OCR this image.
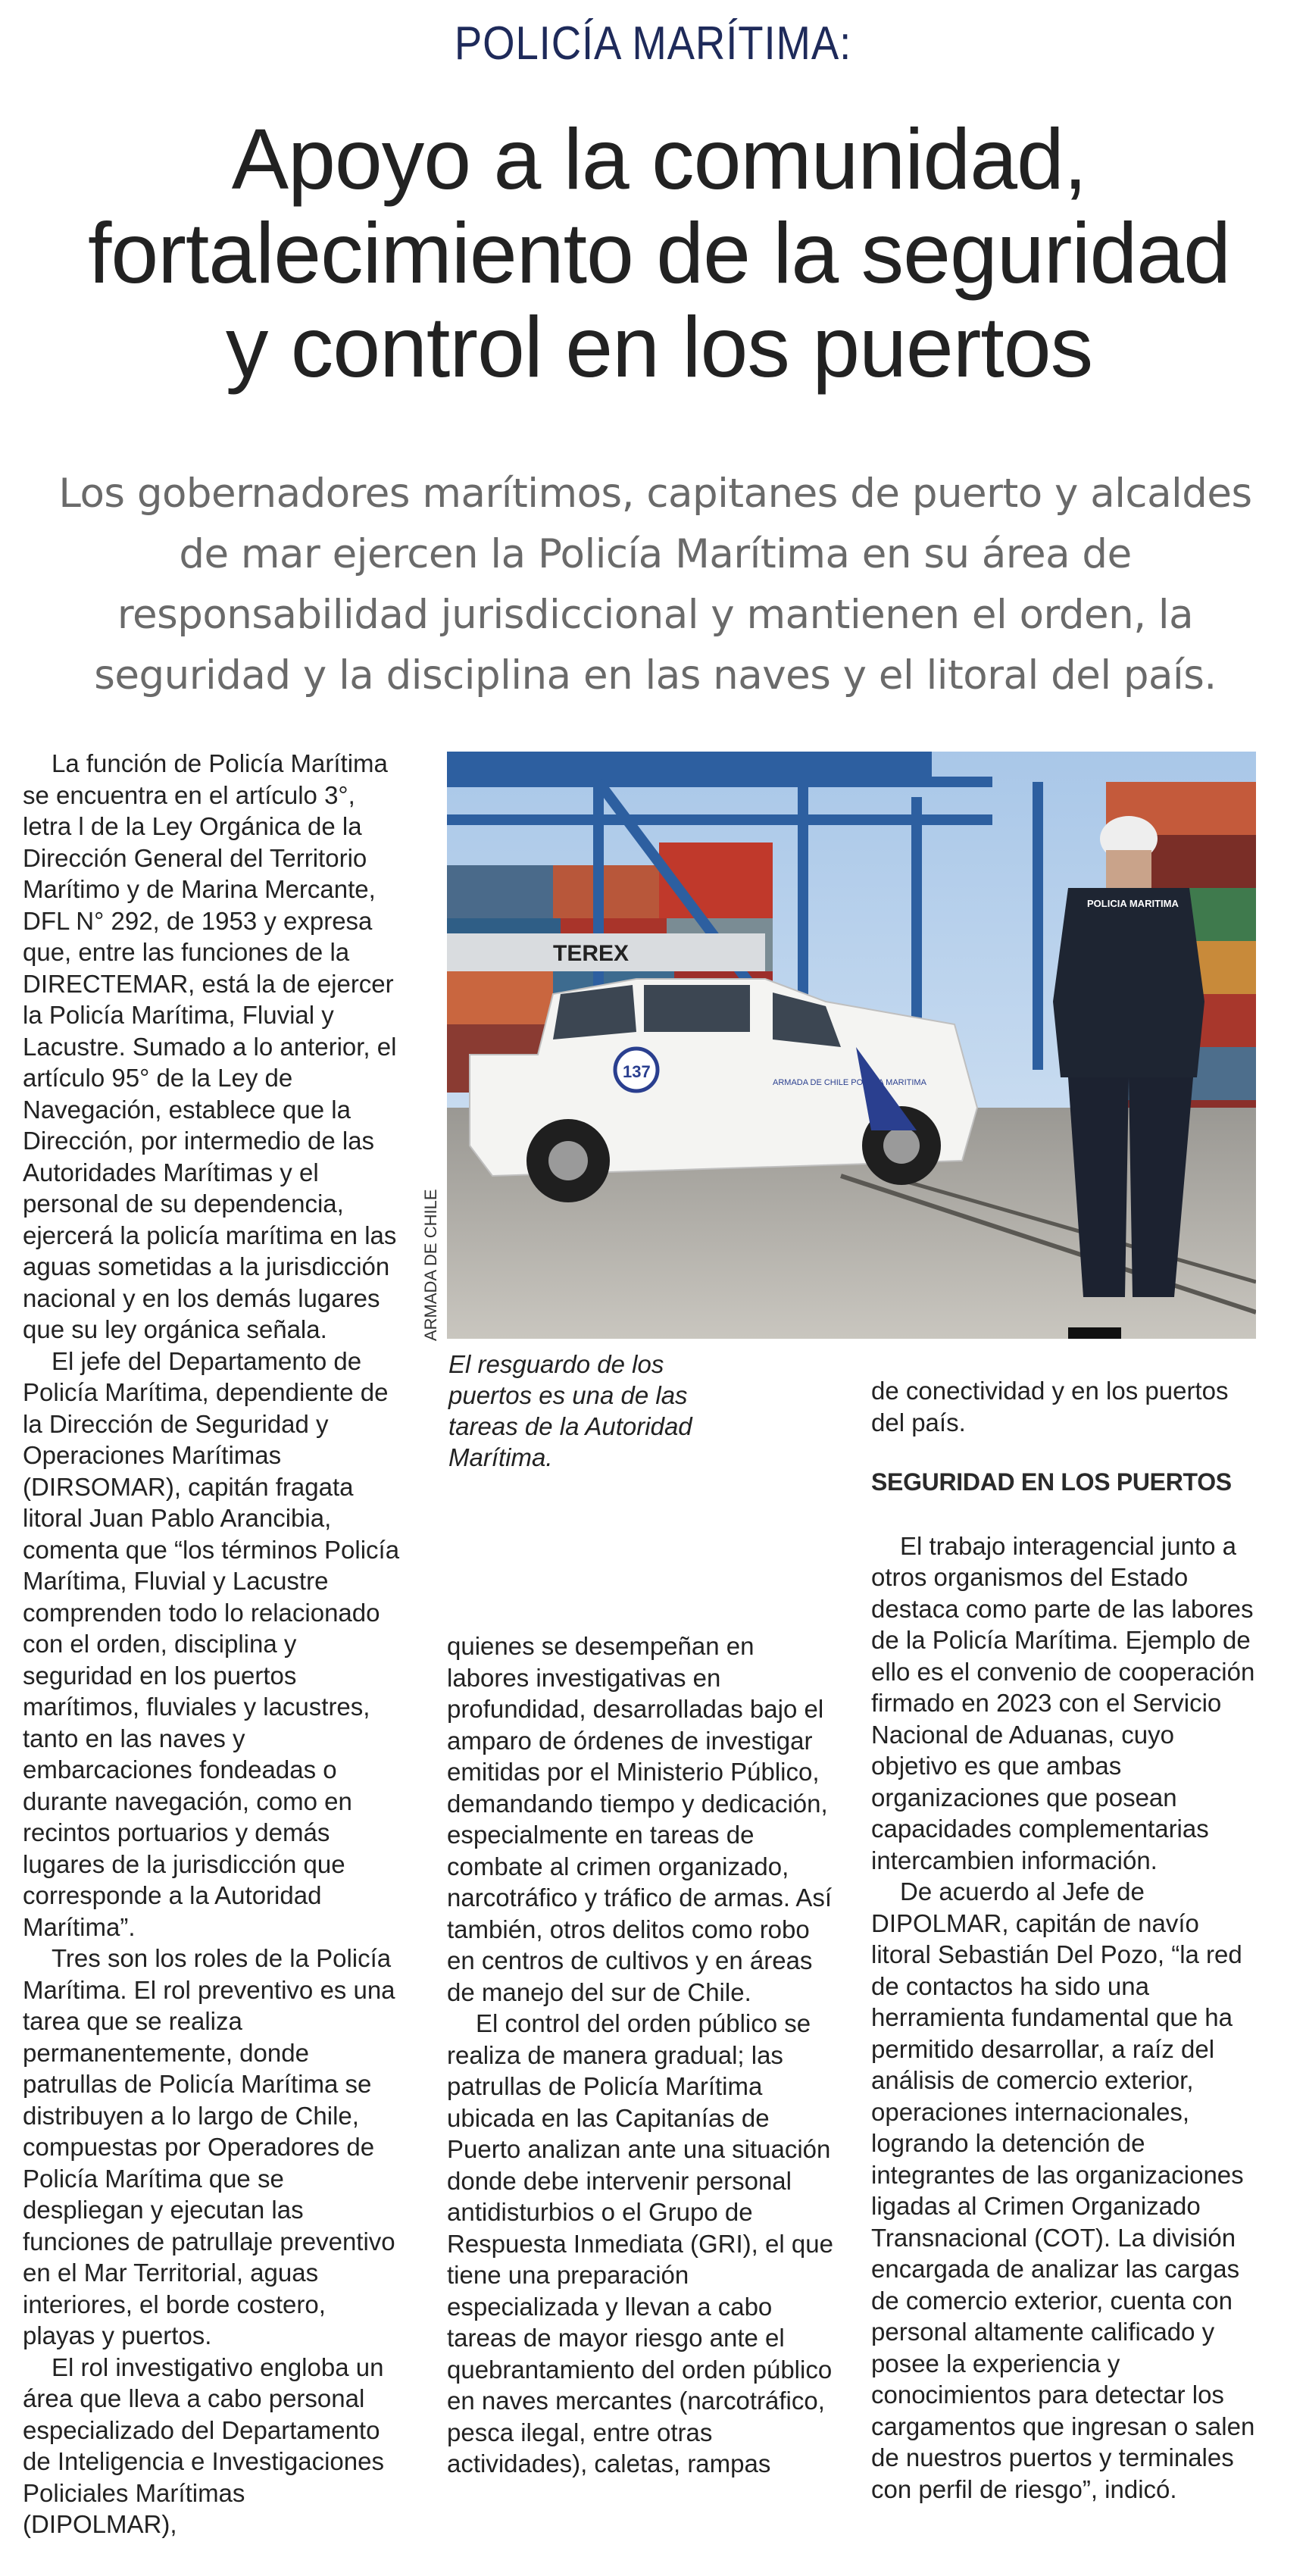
POLICÍA MARÍTIMA:
Apoyo a la comunidad,
fortalecimiento de la seguridad
y control en los puertos
Los gobernadores marítimos, capitanes de puerto y alcaldes de mar ejercen la Policía Marítima en su área de responsabilidad jurisdiccional y mantienen el orden, la seguridad y la disciplina en las naves y el litoral del país.

La función de Policía Marítima se encuentra en el artículo 3°, letra l de la Ley Orgánica de la Dirección General del Territorio Marítimo y de Marina Mercante, DFL N° 292, de 1953 y expresa que, entre las funciones de la DIRECTEMAR, está la de ejercer la Policía Marítima, Fluvial y Lacustre. Sumado a lo anterior, el artículo 95° de la Ley de Navegación, establece que la Dirección, por intermedio de las Autoridades Marítimas y el personal de su dependencia, ejercerá la policía marítima en las aguas sometidas a la jurisdicción nacional y en los demás lugares que su ley orgánica señala.

El jefe del Departamento de Policía Marítima, dependiente de la Dirección de Seguridad y Operaciones Marítimas (DIRSOMAR), capitán fragata litoral Juan Pablo Arancibia, comenta que “los términos Policía Marítima, Fluvial y Lacustre comprenden todo lo relacionado con el orden, disciplina y seguridad en los puertos marítimos, fluviales y lacustres, tanto en las naves y embarcaciones fondeadas o durante navegación, como en recintos portuarios y demás lugares de la jurisdicción que corresponde a la Autoridad Marítima”.

Tres son los roles de la Policía Marítima. El rol preventivo es una tarea que se realiza permanentemente, donde patrullas de Policía Marítima se distribuyen a lo largo de Chile, compuestas por Operadores de Policía Marítima que se despliegan y ejecutan las funciones de patrullaje preventivo en el Mar Territorial, aguas interiores, el borde costero, playas y puertos.

El rol investigativo engloba un área que lleva a cabo personal especializado del Departamento de Inteligencia e Investigaciones Policiales Marítimas (DIPOLMAR),

TEREX
137
ARMADA DE CHILE POLICIA MARITIMA
POLICIA MARITIMA
ARMADA DE CHILE
El resguardo de los puertos es una de las tareas de la Autoridad Marítima.

quienes se desempeñan en labores investigativas en profundidad, desarrolladas bajo el amparo de órdenes de investigar emitidas por el Ministerio Público, demandando tiempo y dedicación, especialmente en tareas de combate al crimen organizado, narcotráfico y tráfico de armas. Así también, otros delitos como robo en centros de cultivos y en áreas de manejo del sur de Chile.

El control del orden público se realiza de manera gradual; las patrullas de Policía Marítima ubicada en las Capitanías de Puerto analizan ante una situación donde debe intervenir personal antidisturbios o el Grupo de Respuesta Inmediata (GRI), el que tiene una preparación especializada y llevan a cabo tareas de mayor riesgo ante el quebrantamiento del orden público en naves mercantes (narcotráfico, pesca ilegal, entre otras actividades), caletas, rampas

de conectividad y en los puertos del país.

SEGURIDAD EN LOS PUERTOS

El trabajo interagencial junto a otros organismos del Estado destaca como parte de las labores de la Policía Marítima. Ejemplo de ello es el convenio de cooperación firmado en 2023 con el Servicio Nacional de Aduanas, cuyo objetivo es que ambas organizaciones que posean capacidades complementarias intercambien información.

De acuerdo al Jefe de DIPOLMAR, capitán de navío litoral Sebastián Del Pozo, “la red de contactos ha sido una herramienta fundamental que ha permitido desarrollar, a raíz del análisis de comercio exterior, operaciones internacionales, logrando la detención de integrantes de las organizaciones ligadas al Crimen Organizado Transnacional (COT). La división encargada de analizar las cargas de comercio exterior, cuenta con personal altamente calificado y posee la experiencia y conocimientos para detectar los cargamentos que ingresan o salen de nuestros puertos y terminales con perfil de riesgo”, indicó.
